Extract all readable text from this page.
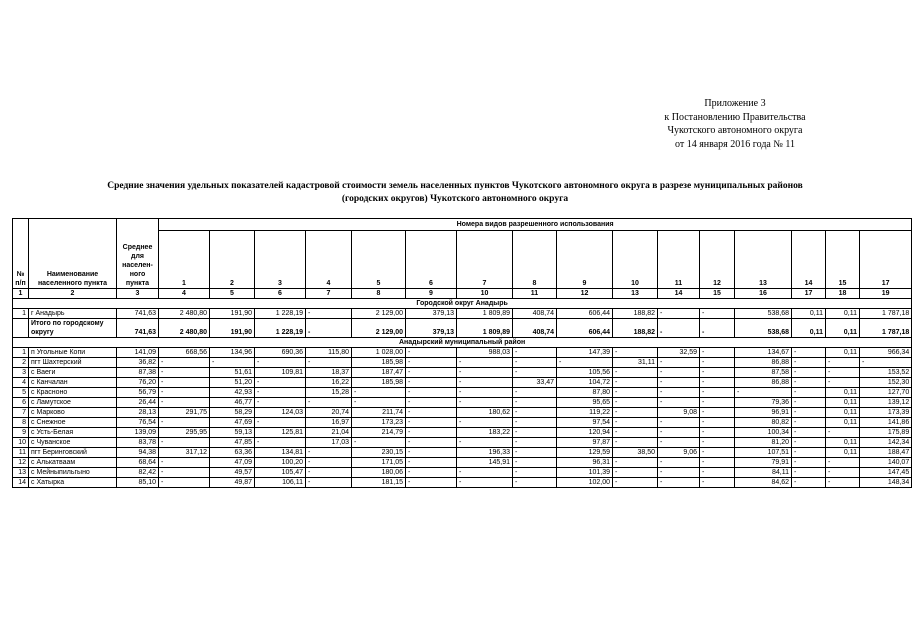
Приложение 3
к Постановлению Правительства
Чукотского автономного округа
от 14 января 2016 года № 11
Средние значения удельных показателей кадастровой стоимости земель населенных пунктов Чукотского автономного округа в разрезе муниципальных районов
(городских округов) Чукотского автономного округа
№ п/п	Наименование населенного пункта	Среднее для населен- ного пункта	Номера видов разрешенного использования															
			1	2	3	4	5	6	7	8	9	10	11	12	13	14	15	17
1	2	3	4	5	6	7	8	9	10	11	12	13	14	15	16	17	18	19
Городской округ Анадырь																		
1	г Анадырь	741,63	2 480,80	191,90	1 228,19	-	2 129,00	379,13	1 809,89	408,74	606,44	188,82	-	-	538,68	0,11	0,11	1 787,18
	Итого по городскому округу	741,63	2 480,80	191,90	1 228,19	-	2 129,00	379,13	1 809,89	408,74	606,44	188,82	-	-	538,68	0,11	0,11	1 787,18
Анадырский муниципальный район																		
1	п Угольные Копи	141,09	668,56	134,96	690,36	115,80	1 028,00	-	988,03	-	147,39	-	32,59	-	134,67	-	0,11	966,34
2	пгт Шахтерский	36,82	-	-	-	-	185,98	-	-	-	-	31,11	-	-	86,88	-	-	-
3	с Ваеги	87,38	-	51,61	109,81	18,37	187,47	-	-	-	105,56	-	-	-	87,58	-	-	153,52
4	с Канчалан	76,20	-	51,20	-	16,22	185,98	-	-	33,47	104,72	-	-	-	86,88	-	-	152,30
5	с Красноно	56,79	-	42,93	-	15,28	-	-	-	-	87,80	-	-	-	-	-	0,11	127,70
6	с Ламутское	26,44	-	46,77	-	-	-	-	-	-	95,65	-	-	-	79,36	-	0,11	139,12
7	с Марково	28,13	291,75	58,29	124,03	20,74	211,74	-	180,62	-	119,22	-	9,08	-	96,91	-	0,11	173,39
8	с Снежное	76,54	-	47,69	-	16,97	173,23	-	-	-	97,54	-	-	-	80,82	-	0,11	141,86
9	с Усть-Белая	139,09	295,95	59,13	125,81	21,04	214,79	-	183,22	-	120,94	-	-	-	100,34	-	-	175,89
10	с Чуванское	83,78	-	47,85	-	17,03	-	-	-	-	97,87	-	-	-	81,20	-	0,11	142,34
11	пгт Беринговский	94,38	317,12	63,36	134,81	-	230,15	-	196,33	-	129,59	38,50	9,06	-	107,51	-	0,11	188,47
12	с Алькатваам	68,64	-	47,09	100,20	-	171,05	-	145,91	-	96,31	-	-	-	79,91	-	-	140,07
13	с Мейныпильгыно	82,42	-	49,57	105,47	-	180,06	-	-	-	101,39	-	-	-	84,11	-	-	147,45
14	с Хатырка	85,10	-	49,87	106,11	-	181,15	-	-	-	102,00	-	-	-	84,62	-	-	148,34
